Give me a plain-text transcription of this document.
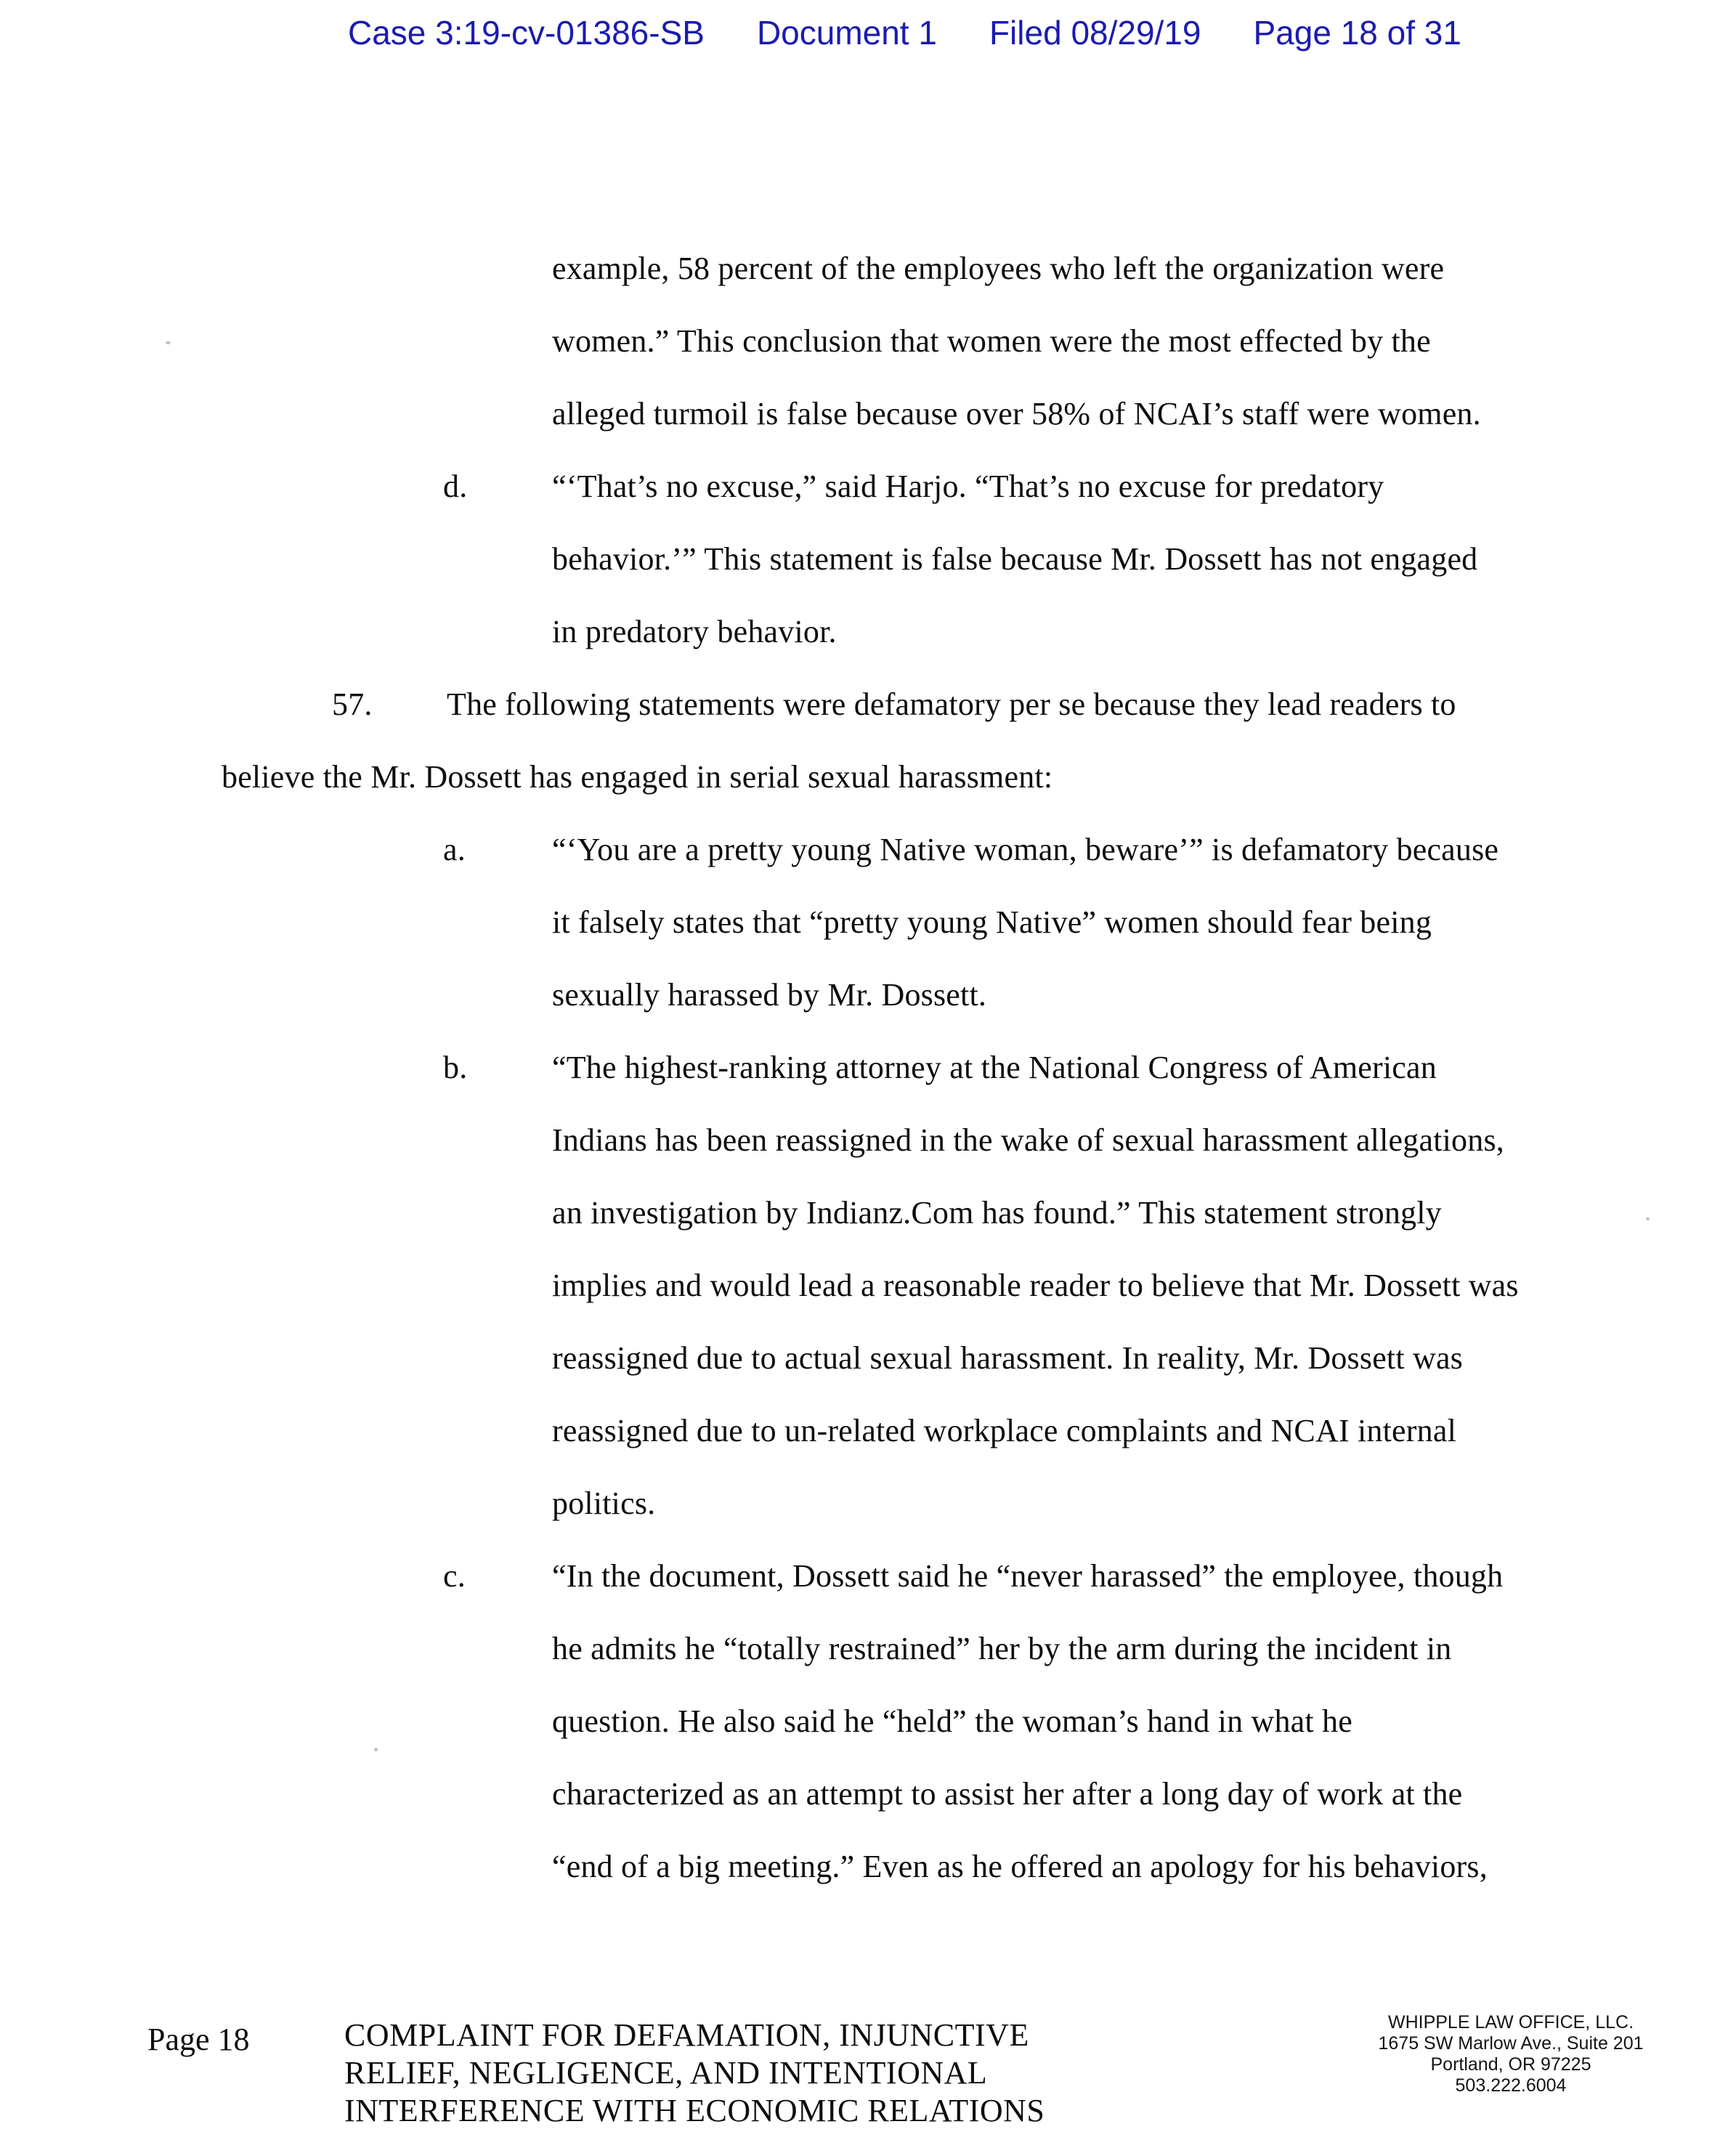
Case 3:19-cv-01386-SB Document 1 Filed 08/29/19 Page 18 of 31
example, 58 percent of the employees who left the organization were
women.” This conclusion that women were the most effected by the
alleged turmoil is false because over 58% of NCAI’s staff were women.
d.	“‘That’s no excuse,” said Harjo. “That’s no excuse for predatory
behavior.’” This statement is false because Mr. Dossett has not engaged
in predatory behavior.
57. The following statements were defamatory per se because they lead readers to
believe the Mr. Dossett has engaged in serial sexual harassment:
a.	“‘You are a pretty young Native woman, beware’” is defamatory because
it falsely states that “pretty young Native” women should fear being
sexually harassed by Mr. Dossett.
b.	“The highest-ranking attorney at the National Congress of American
Indians has been reassigned in the wake of sexual harassment allegations,
an investigation by Indianz.Com has found.” This statement strongly
implies and would lead a reasonable reader to believe that Mr. Dossett was
reassigned due to actual sexual harassment. In reality, Mr. Dossett was
reassigned due to un-related workplace complaints and NCAI internal
politics.
c.	“In the document, Dossett said he “never harassed” the employee, though
he admits he “totally restrained” her by the arm during the incident in
question. He also said he “held” the woman’s hand in what he
characterized as an attempt to assist her after a long day of work at the
“end of a big meeting.” Even as he offered an apology for his behaviors,
Page 18	COMPLAINT FOR DEFAMATION, INJUNCTIVE
RELIEF, NEGLIGENCE, AND INTENTIONAL
INTERFERENCE WITH ECONOMIC RELATIONS
WHIPPLE LAW OFFICE, LLC.
1675 SW Marlow Ave., Suite 201
Portland, OR 97225
503.222.6004
